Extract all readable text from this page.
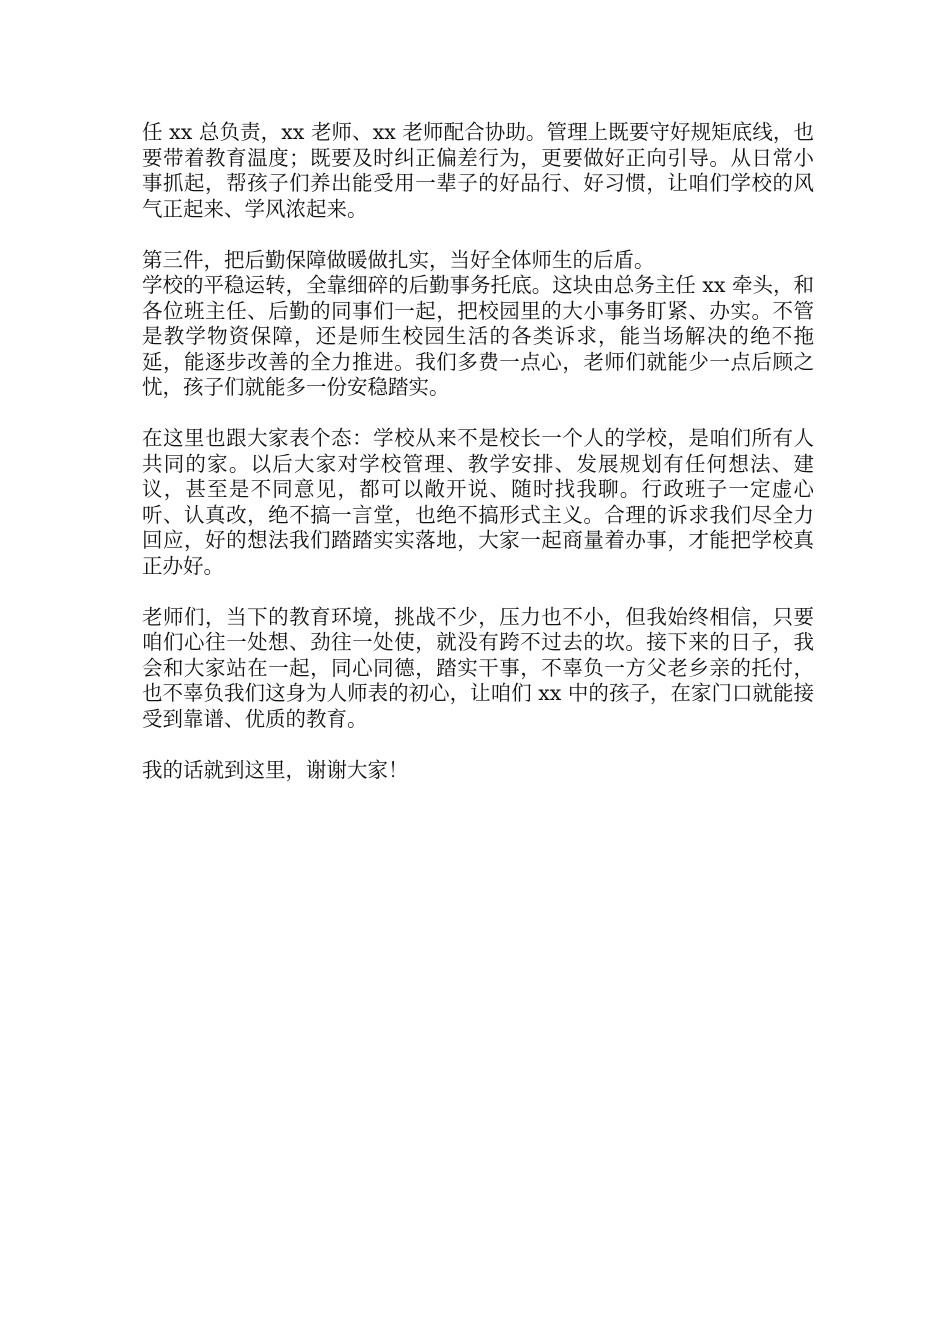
任 xx 总负责，xx 老师、xx 老师配合协助。管理上既要守好规矩底线，也要带着教育温度；既要及时纠正偏差行为，更要做好正向引导。从日常小事抓起，帮孩子们养出能受用一辈子的好品行、好习惯，让咱们学校的风气正起来、学风浓起来。

第三件，把后勤保障做暖做扎实，当好全体师生的后盾。

学校的平稳运转，全靠细碎的后勤事务托底。这块由总务主任 xx 牵头，和各位班主任、后勤的同事们一起，把校园里的大小事务盯紧、办实。不管是教学物资保障，还是师生校园生活的各类诉求，能当场解决的绝不拖延，能逐步改善的全力推进。我们多费一点心，老师们就能少一点后顾之忧，孩子们就能多一份安稳踏实。

在这里也跟大家表个态：学校从来不是校长一个人的学校，是咱们所有人共同的家。以后大家对学校管理、教学安排、发展规划有任何想法、建议，甚至是不同意见，都可以敞开说、随时找我聊。行政班子一定虚心听、认真改，绝不搞一言堂，也绝不搞形式主义。合理的诉求我们尽全力回应，好的想法我们踏踏实实落地，大家一起商量着办事，才能把学校真正办好。

老师们，当下的教育环境，挑战不少，压力也不小，但我始终相信，只要咱们心往一处想、劲往一处使，就没有跨不过去的坎。接下来的日子，我会和大家站在一起，同心同德，踏实干事，不辜负一方父老乡亲的托付，也不辜负我们这身为人师表的初心，让咱们 xx 中的孩子，在家门口就能接受到靠谱、优质的教育。

我的话就到这里，谢谢大家！
